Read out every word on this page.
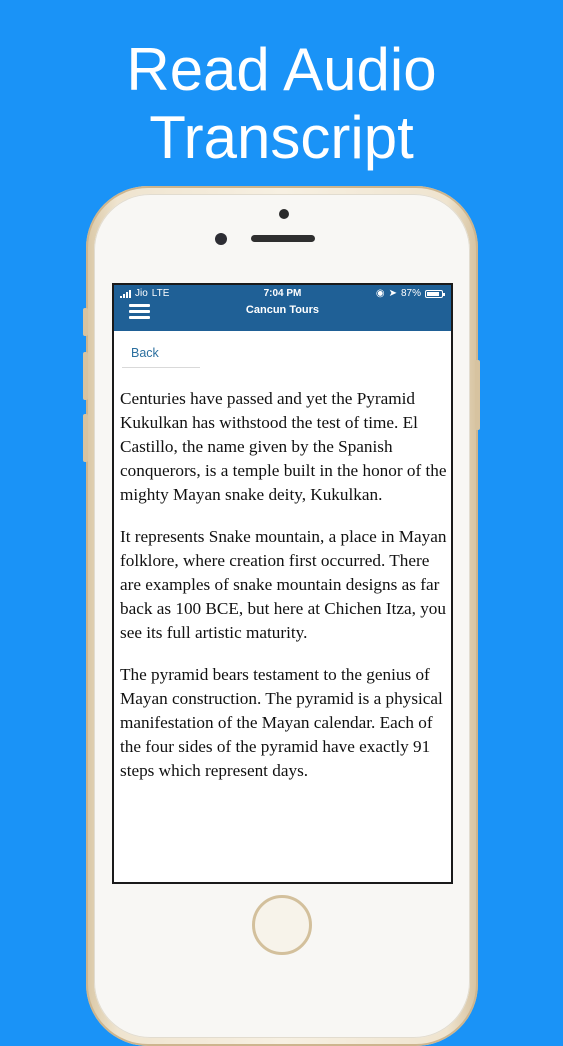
Read Audio
Transcript
Jio LTE	7:04 PM	◉ ➤ 87%
Cancun Tours
Back

Centuries have passed and yet the Pyramid Kukulkan has withstood the test of time. El Castillo, the name given by the Spanish conquerors, is a temple built in the honor of the mighty Mayan snake deity, Kukulkan.

It represents Snake mountain, a place in Mayan folklore, where creation first occurred. There are examples of snake mountain designs as far back as 100 BCE, but here at Chichen Itza, you see its full artistic maturity.

The pyramid bears testament to the genius of Mayan construction. The pyramid is a physical manifestation of the Mayan calendar. Each of the four sides of the pyramid have exactly 91 steps which represent days.
